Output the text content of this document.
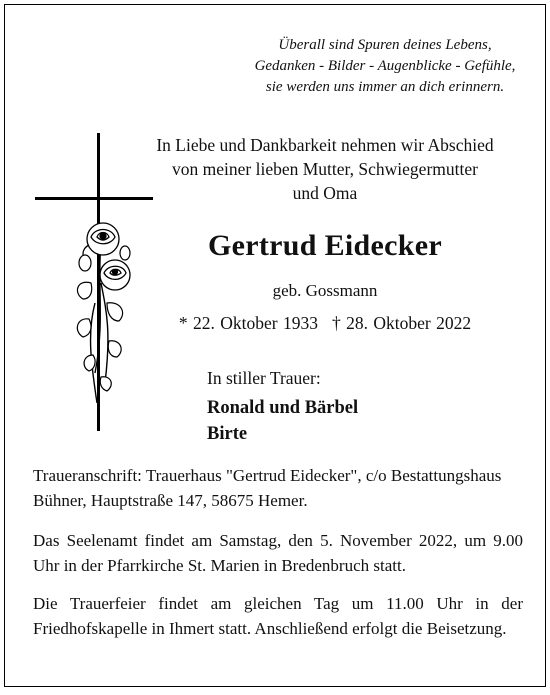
Überall sind Spuren deines Lebens,
Gedanken - Bilder - Augenblicke - Gefühle,
sie werden uns immer an dich erinnern.
In Liebe und Dankbarkeit nehmen wir Abschied
von meiner lieben Mutter, Schwiegermutter
und Oma
Gertrud Eidecker
geb. Gossmann
* 22. Oktober 1933 † 28. Oktober 2022
In stiller Trauer:
Ronald und Bärbel
Birte
Traueranschrift: Trauerhaus "Gertrud Eidecker", c/o Bestattungshaus Bühner, Hauptstraße 147, 58675 Hemer.
Das Seelenamt findet am Samstag, den 5. November 2022, um 9.00 Uhr in der Pfarrkirche St. Marien in Bredenbruch statt.
Die Trauerfeier findet am gleichen Tag um 11.00 Uhr in der Friedhofskapelle in Ihmert statt. Anschließend erfolgt die Beisetzung.
